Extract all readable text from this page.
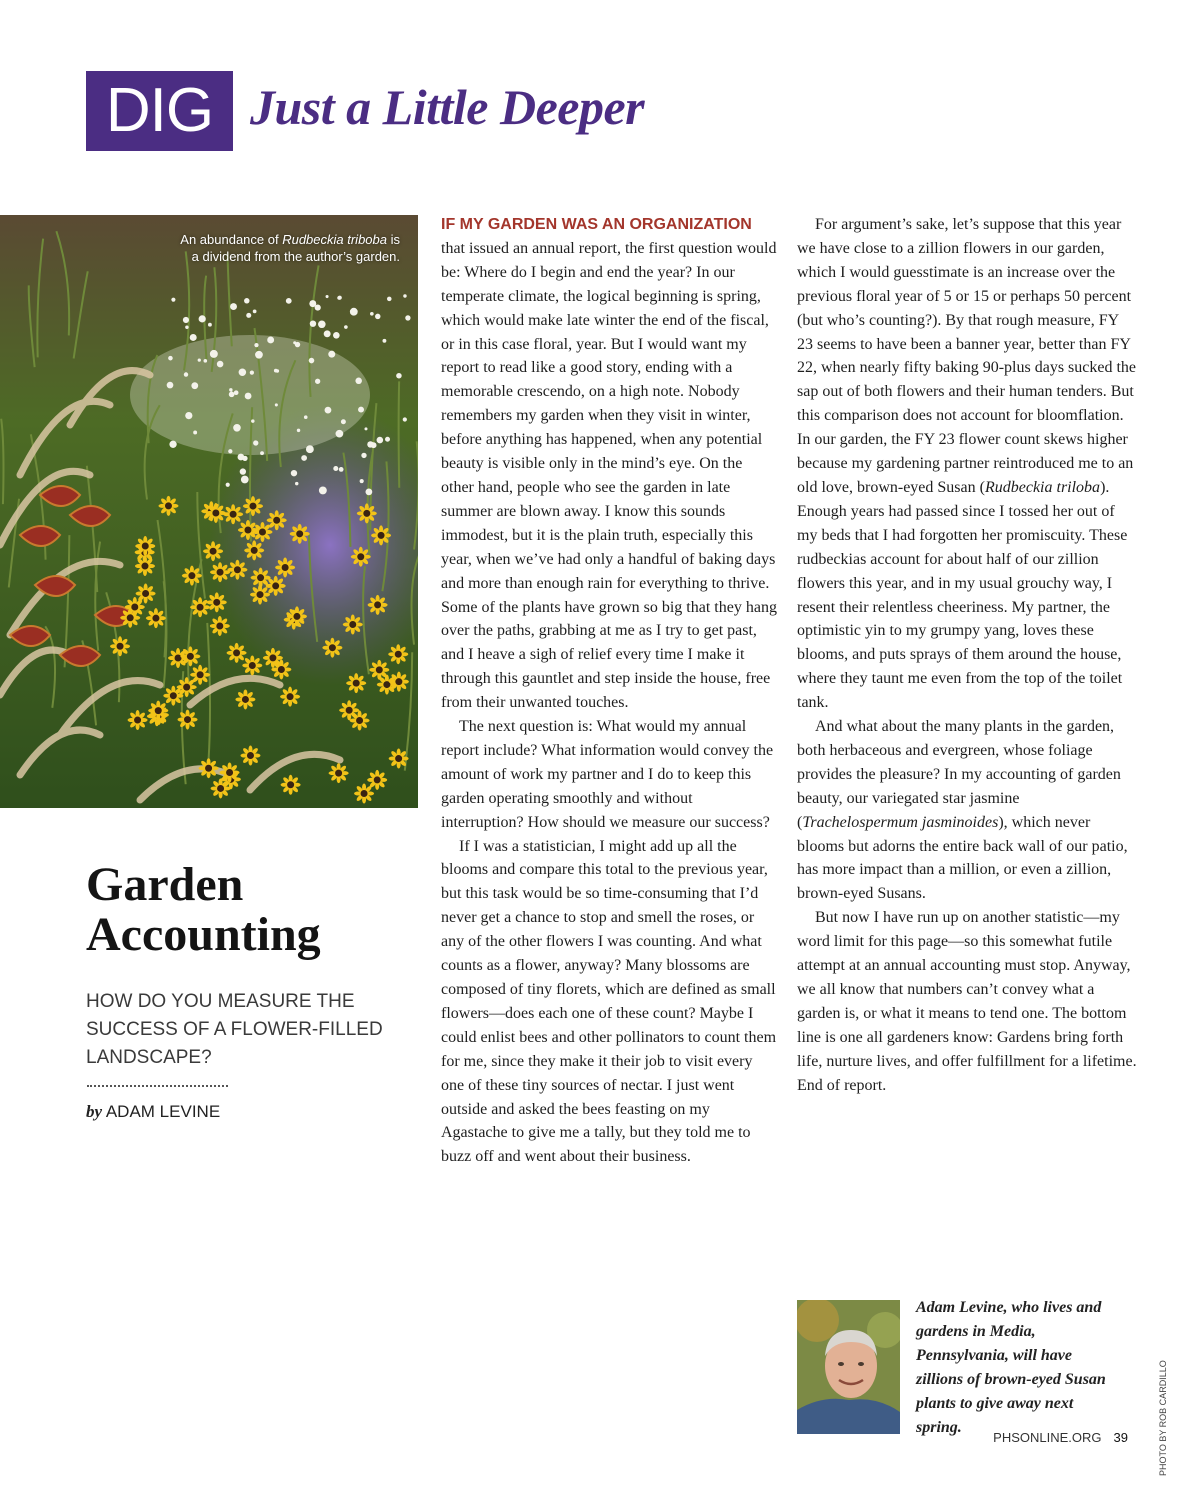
DIG Just a Little Deeper
An abundance of Rudbeckia triboba is a dividend from the author’s garden.
Garden Accounting

HOW DO YOU MEASURE THE SUCCESS OF A FLOWER-FILLED LANDSCAPE?

by ADAM LEVINE

IF MY GARDEN WAS AN ORGANIZATION that issued an annual report, the first question would be: Where do I begin and end the year? In our temperate climate, the logical beginning is spring, which would make late winter the end of the fiscal, or in this case floral, year. But I would want my report to read like a good story, ending with a memorable crescendo, on a high note. Nobody remembers my garden when they visit in winter, before anything has happened, when any potential beauty is visible only in the mind’s eye. On the other hand, people who see the garden in late summer are blown away. I know this sounds immodest, but it is the plain truth, especially this year, when we’ve had only a handful of baking days and more than enough rain for everything to thrive. Some of the plants have grown so big that they hang over the paths, grabbing at me as I try to get past, and I heave a sigh of relief every time I make it through this gauntlet and step inside the house, free from their unwanted touches.

The next question is: What would my annual report include? What information would convey the amount of work my partner and I do to keep this garden operating smoothly and without interruption? How should we measure our success?

If I was a statistician, I might add up all the blooms and compare this total to the previous year, but this task would be so time-consuming that I’d never get a chance to stop and smell the roses, or any of the other flowers I was counting. And what counts as a flower, anyway? Many blossoms are composed of tiny florets, which are defined as small flowers—does each one of these count? Maybe I could enlist bees and other pollinators to count them for me, since they make it their job to visit every one of these tiny sources of nectar. I just went outside and asked the bees feasting on my Agastache to give me a tally, but they told me to buzz off and went about their business.

For argument’s sake, let’s suppose that this year we have close to a zillion flowers in our garden, which I would guesstimate is an increase over the previous floral year of 5 or 15 or perhaps 50 percent (but who’s counting?). By that rough measure, FY 23 seems to have been a banner year, better than FY 22, when nearly fifty baking 90-plus days sucked the sap out of both flowers and their human tenders. But this comparison does not account for bloomflation. In our garden, the FY 23 flower count skews higher because my gardening partner reintroduced me to an old love, brown-eyed Susan (Rudbeckia triloba). Enough years had passed since I tossed her out of my beds that I had forgotten her promiscuity. These rudbeckias account for about half of our zillion flowers this year, and in my usual grouchy way, I resent their relentless cheeriness. My partner, the optimistic yin to my grumpy yang, loves these blooms, and puts sprays of them around the house, where they taunt me even from the top of the toilet tank.

And what about the many plants in the garden, both herbaceous and evergreen, whose foliage provides the pleasure? In my accounting of garden beauty, our variegated star jasmine (Trachelospermum jasminoides), which never blooms but adorns the entire back wall of our patio, has more impact than a million, or even a zillion, brown-eyed Susans.

But now I have run up on another statistic—my word limit for this page—so this somewhat futile attempt at an annual accounting must stop. Anyway, we all know that numbers can’t convey what a garden is, or what it means to tend one. The bottom line is one all gardeners know: Gardens bring forth life, nurture lives, and offer fulfillment for a lifetime. End of report.

Adam Levine, who lives and gardens in Media, Pennsylvania, will have zillions of brown-eyed Susan plants to give away next spring.	PHOTO BY ROB CARDILLO
PHSONLINE.ORG 39
